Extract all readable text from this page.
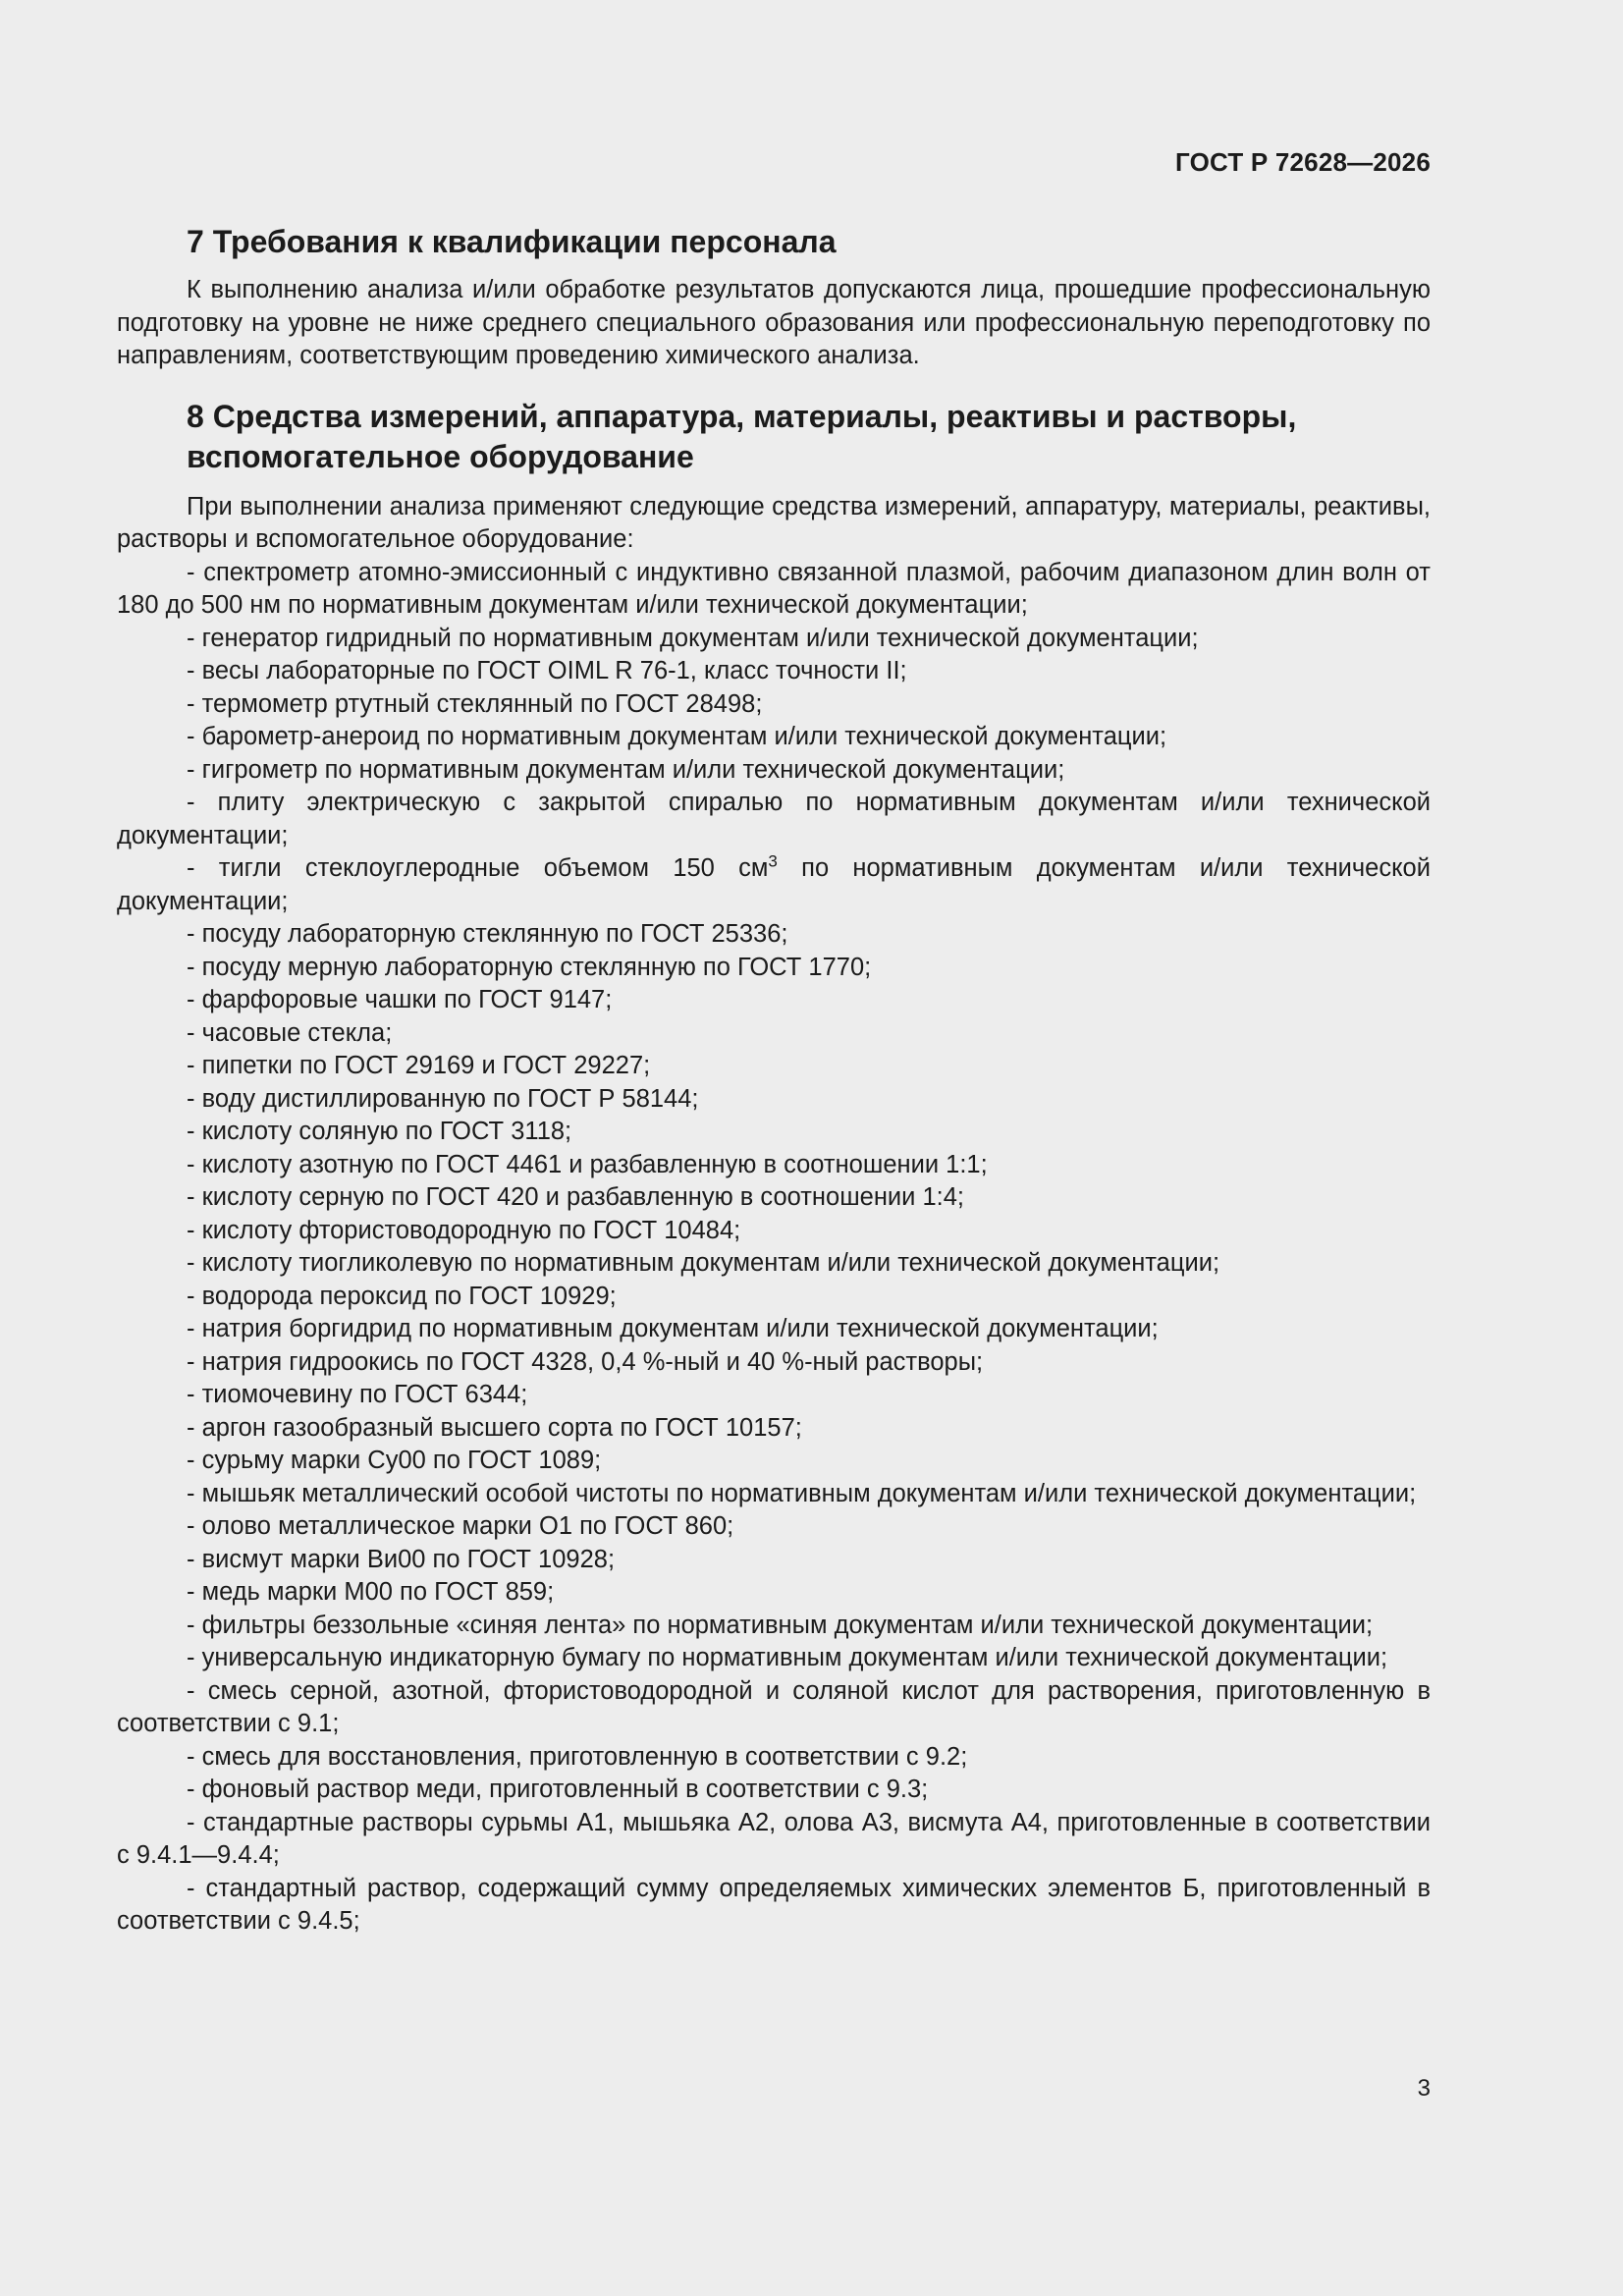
ГОСТ Р 72628—2026
7 Требования к квалификации персонала

К выполнению анализа и/или обработке результатов допускаются лица, прошедшие профессиональную подготовку на уровне не ниже среднего специального образования или профессиональную переподготовку по направлениям, соответствующим проведению химического анализа.

8 Средства измерений, аппаратура, материалы, реактивы и растворы, вспомогательное оборудование

При выполнении анализа применяют следующие средства измерений, аппаратуру, материалы, реактивы, растворы и вспомогательное оборудование:

- спектрометр атомно-эмиссионный с индуктивно связанной плазмой, рабочим диапазоном длин волн от 180 до 500 нм по нормативным документам и/или технической документации;
- генератор гидридный по нормативным документам и/или технической документации;
- весы лабораторные по ГОСТ OIML R 76-1, класс точности II;
- термометр ртутный стеклянный по ГОСТ 28498;
- барометр-анероид по нормативным документам и/или технической документации;
- гигрометр по нормативным документам и/или технической документации;
- плиту электрическую с закрытой спиралью по нормативным документам и/или технической документации;
- тигли стеклоуглеродные объемом 150 $см^3$ по нормативным документам и/или технической документации;
- посуду лабораторную стеклянную по ГОСТ 25336;
- посуду мерную лабораторную стеклянную по ГОСТ 1770;
- фарфоровые чашки по ГОСТ 9147;
- часовые стекла;
- пипетки по ГОСТ 29169 и ГОСТ 29227;
- воду дистиллированную по ГОСТ Р 58144;
- кислоту соляную по ГОСТ 3118;
- кислоту азотную по ГОСТ 4461 и разбавленную в соотношении 1:1;
- кислоту серную по ГОСТ 420 и разбавленную в соотношении 1:4;
- кислоту фтористоводородную по ГОСТ 10484;
- кислоту тиогликолевую по нормативным документам и/или технической документации;
- водорода пероксид по ГОСТ 10929;
- натрия боргидрид по нормативным документам и/или технической документации;
- натрия гидроокись по ГОСТ 4328, 0,4 %-ный и 40 %-ный растворы;
- тиомочевину по ГОСТ 6344;
- аргон газообразный высшего сорта по ГОСТ 10157;
- сурьму марки Су00 по ГОСТ 1089;
- мышьяк металлический особой чистоты по нормативным документам и/или технической документации;
- олово металлическое марки О1 по ГОСТ 860;
- висмут марки Ви00 по ГОСТ 10928;
- медь марки М00 по ГОСТ 859;
- фильтры беззольные «синяя лента» по нормативным документам и/или технической документации;
- универсальную индикаторную бумагу по нормативным документам и/или технической документации;
- смесь серной, азотной, фтористоводородной и соляной кислот для растворения, приготовленную в соответствии с 9.1;
- смесь для восстановления, приготовленную в соответствии с 9.2;
- фоновый раствор меди, приготовленный в соответствии с 9.3;
- стандартные растворы сурьмы А1, мышьяка А2, олова А3, висмута А4, приготовленные в соответствии с 9.4.1—9.4.4;
- стандартный раствор, содержащий сумму определяемых химических элементов Б, приготовленный в соответствии с 9.4.5;
3
